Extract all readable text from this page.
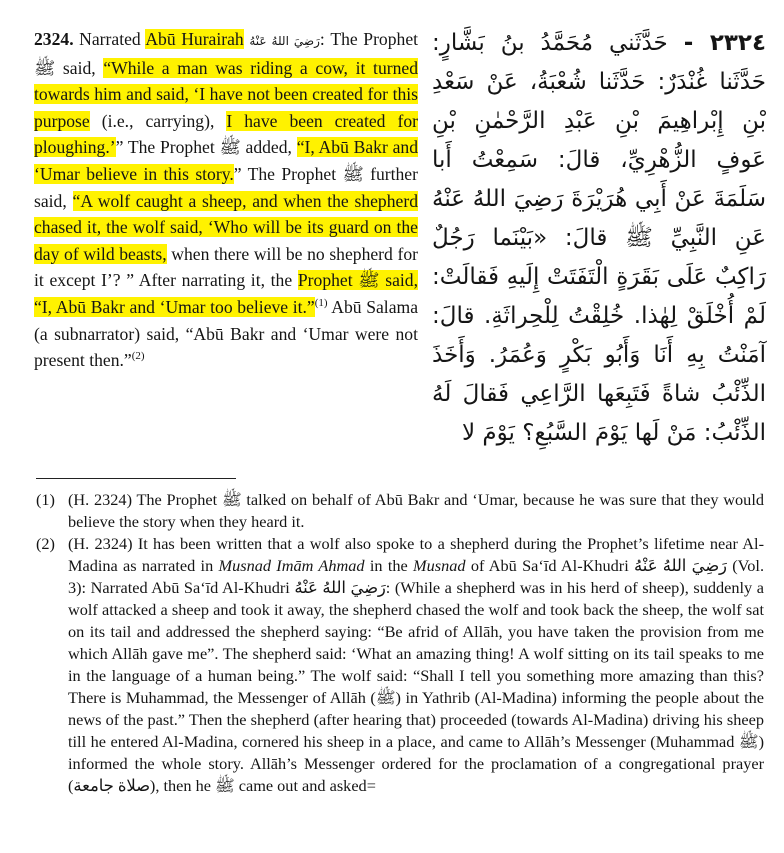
2324. Narrated Abū Hurairah رَضِيَ اللهُ عَنْهُ: The Prophet ﷺ said, “While a man was riding a cow, it turned towards him and said, ‘I have not been created for this purpose (i.e., carrying), I have been created for ploughing.’” The Prophet ﷺ added, “I, Abū Bakr and ‘Umar believe in this story.” The Prophet ﷺ further said, “A wolf caught a sheep, and when the shepherd chased it, the wolf said, ‘Who will be its guard on the day of wild beasts, when there will be no shepherd for it except I’? ” After narrating it, the Prophet ﷺ said, “I, Abū Bakr and ‘Umar too believe it.”$^{(1)}$ Abū Salama (a subnarrator) said, “Abū Bakr and ‘Umar were not present then.”$^{(2)}$

٢٣٢٤ - حَدَّثَني مُحَمَّدُ بنُ بَشَّارٍ: حَدَّثَنا غُنْدَرٌ: حَدَّثَنا شُعْبَةُ، عَنْ سَعْدِ بْنِ إِبْراهِيمَ بْنِ عَبْدِ الرَّحْمٰنِ بْنِ عَوفٍ الزُّهْرِيِّ، قالَ: سَمِعْتُ أَبا سَلَمَةَ عَنْ أَبِي هُرَيْرَةَ رَضِيَ اللهُ عَنْهُ عَنِ النَّبِيِّ ﷺ قالَ: «بَيْنَما رَجُلٌ رَاكِبٌ عَلَى بَقَرَةٍ الْتَفَتَتْ إِلَيهِ فَقالَتْ: لَمْ أُخْلَقْ لِهٰذا. خُلِقْتُ لِلْحِراثَةِ. قالَ: آمَنْتُ بِهِ أَنَا وَأَبُو بَكْرٍ وَعُمَرُ. وَأَخَذَ الذِّئْبُ شاةً فَتَبِعَها الرَّاعِي فَقالَ لَهُ الذِّئْبُ: مَنْ لَها يَوْمَ السَّبُعِ؟ يَوْمَ لا
(1) (H. 2324) The Prophet ﷺ talked on behalf of Abū Bakr and ‘Umar, because he was sure that they would believe the story when they heard it.
(2) (H. 2324) It has been written that a wolf also spoke to a shepherd during the Prophet’s lifetime near Al-Madina as narrated in Musnad Imām Ahmad in the Musnad of Abū Sa‘īd Al-Khudri رَضِيَ اللهُ عَنْهُ (Vol. 3): Narrated Abū Sa‘īd Al-Khudri رَضِيَ اللهُ عَنْهُ: (While a shepherd was in his herd of sheep), suddenly a wolf attacked a sheep and took it away, the shepherd chased the wolf and took back the sheep, the wolf sat on its tail and addressed the shepherd saying: “Be afrid of Allāh, you have taken the provision from me which Allāh gave me”. The shepherd said: ‘What an amazing thing! A wolf sitting on its tail speaks to me in the language of a human being.” The wolf said: “Shall I tell you something more amazing than this? There is Muhammad, the Messenger of Allāh (ﷺ) in Yathrib (Al-Madina) informing the people about the news of the past.” Then the shepherd (after hearing that) proceeded (towards Al-Madina) driving his sheep till he entered Al-Madina, cornered his sheep in a place, and came to Allāh’s Messenger (Muhammad ﷺ) informed the whole story. Allāh’s Messenger ordered for the proclamation of a congregational prayer (صلاة جامعة), then he ﷺ came out and asked=
